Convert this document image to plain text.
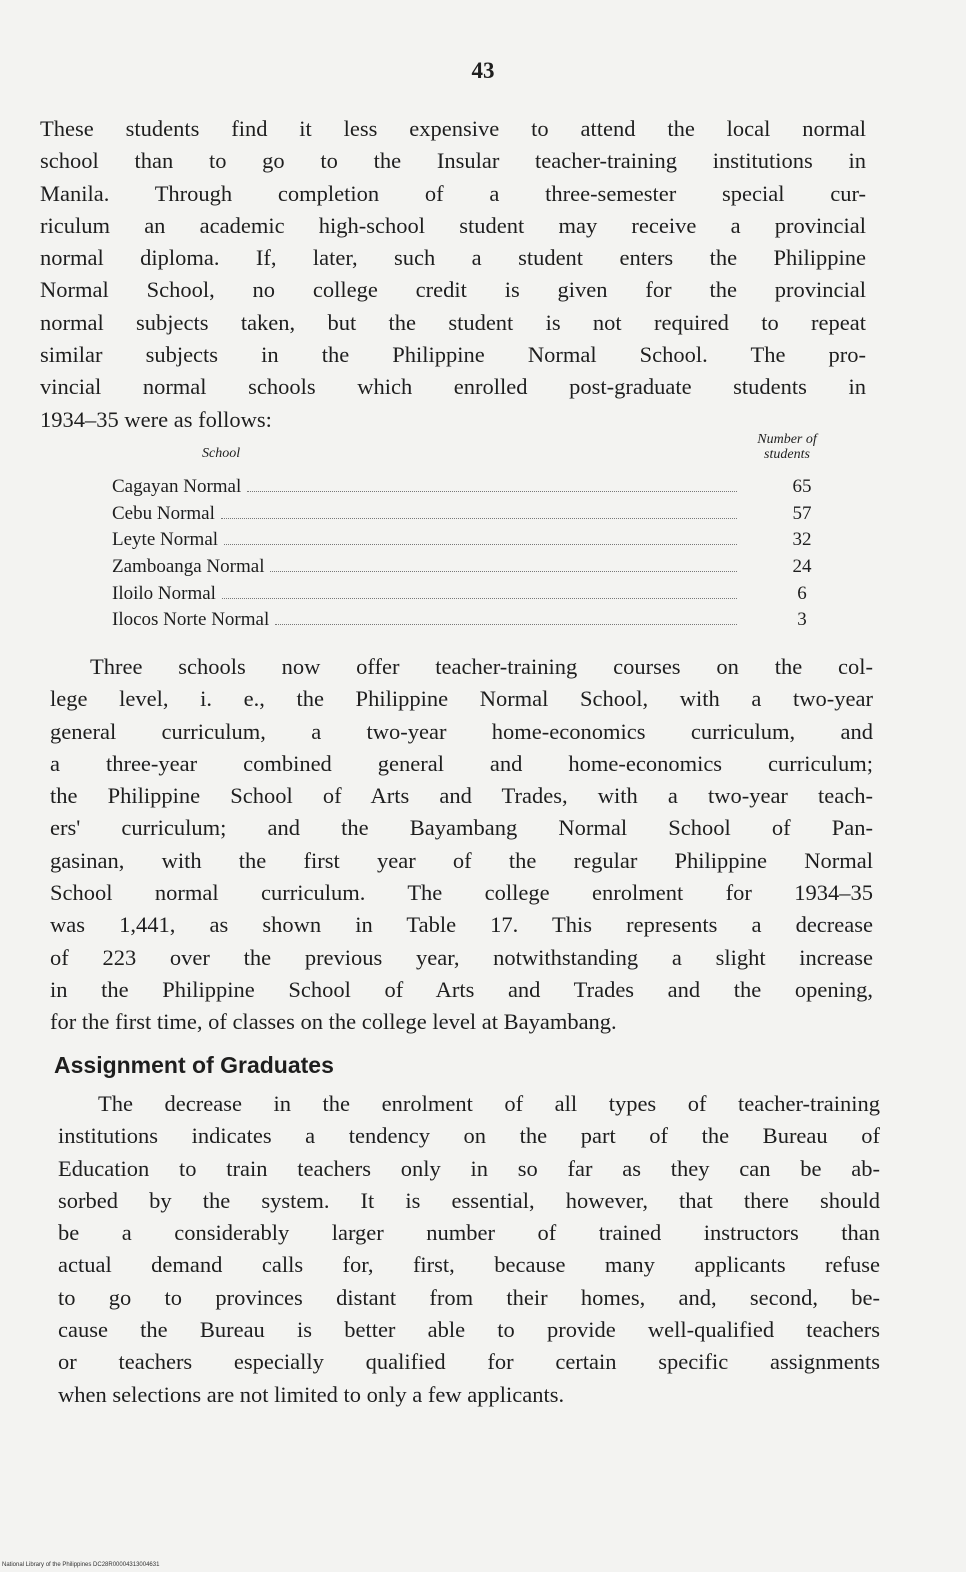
43
These students find it less expensive to attend the local normal
school than to go to the Insular teacher-training institutions in
Manila. Through completion of a three-semester special cur-
riculum an academic high-school student may receive a provincial
normal diploma. If, later, such a student enters the Philippine
Normal School, no college credit is given for the provincial
normal subjects taken, but the student is not required to repeat
similar subjects in the Philippine Normal School. The pro-
vincial normal schools which enrolled post-graduate students in
1934–35 were as follows:
School
Number of students
Cagayan Normal	65
Cebu Normal	57
Leyte Normal	32
Zamboanga Normal	24
Iloilo Normal	6
Ilocos Norte Normal	3
Three schools now offer teacher-training courses on the col-
lege level, i. e., the Philippine Normal School, with a two-year
general curriculum, a two-year home-economics curriculum, and
a three-year combined general and home-economics curriculum;
the Philippine School of Arts and Trades, with a two-year teach-
ers' curriculum; and the Bayambang Normal School of Pan-
gasinan, with the first year of the regular Philippine Normal
School normal curriculum. The college enrolment for 1934–35
was 1,441, as shown in Table 17. This represents a decrease
of 223 over the previous year, notwithstanding a slight increase
in the Philippine School of Arts and Trades and the opening,
for the first time, of classes on the college level at Bayambang.
Assignment of Graduates
The decrease in the enrolment of all types of teacher-training
institutions indicates a tendency on the part of the Bureau of
Education to train teachers only in so far as they can be ab-
sorbed by the system. It is essential, however, that there should
be a considerably larger number of trained instructors than
actual demand calls for, first, because many applicants refuse
to go to provinces distant from their homes, and, second, be-
cause the Bureau is better able to provide well-qualified teachers
or teachers especially qualified for certain specific assignments
when selections are not limited to only a few applicants.
National Library of the Philippines DC28R00004313004631
